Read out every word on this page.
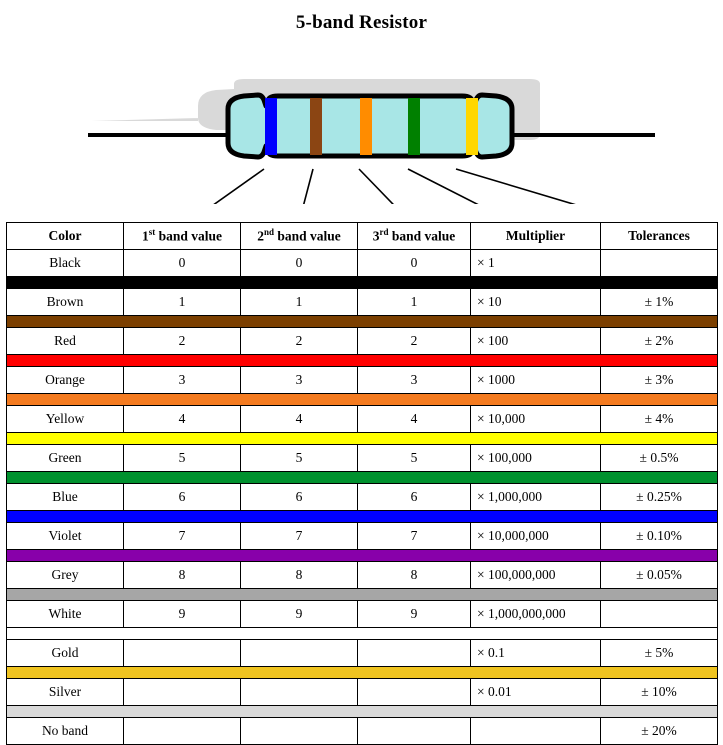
5-band Resistor
Color	1st band value	2nd band value	3rd band value	Multiplier	Tolerances
Black	0	0	0	× 1	

Brown	1	1	1	× 10	± 1%

Red	2	2	2	× 100	± 2%

Orange	3	3	3	× 1000	± 3%

Yellow	4	4	4	× 10,000	± 4%

Green	5	5	5	× 100,000	± 0.5%

Blue	6	6	6	× 1,000,000	± 0.25%

Violet	7	7	7	× 10,000,000	± 0.10%

Grey	8	8	8	× 100,000,000	± 0.05%

White	9	9	9	× 1,000,000,000	

Gold				× 0.1	± 5%

Silver				× 0.01	± 10%

No band					± 20%
